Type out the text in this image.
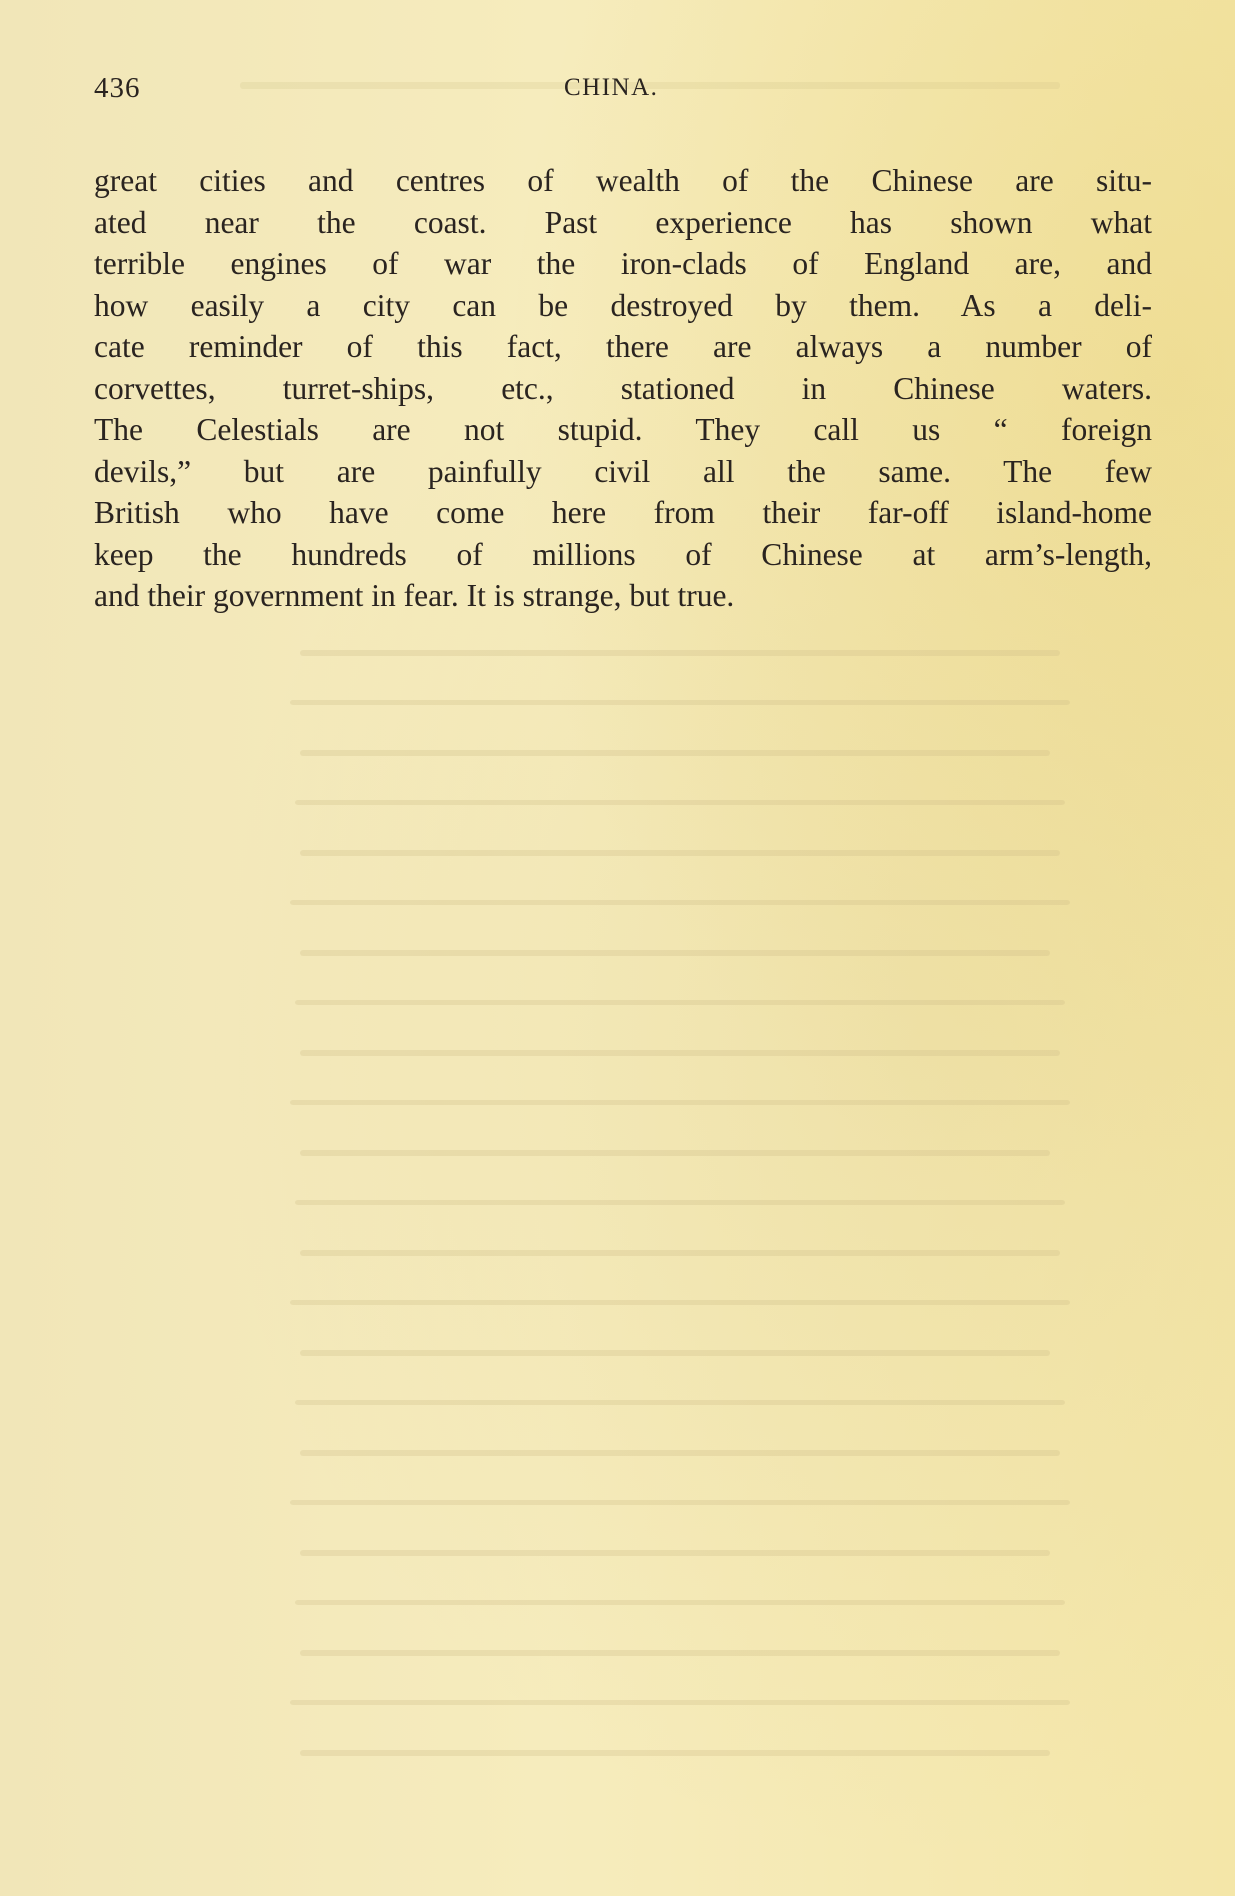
436	CHINA.

great cities and centres of wealth of the Chinese are situ-
ated near the coast. Past experience has shown what
terrible engines of war the iron-clads of England are, and
how easily a city can be destroyed by them. As a deli-
cate reminder of this fact, there are always a number of
corvettes, turret-ships, etc., stationed in Chinese waters.
The Celestials are not stupid. They call us “ foreign
devils,” but are painfully civil all the same. The few
British who have come here from their far-off island-home
keep the hundreds of millions of Chinese at arm’s-length,
and their government in fear. It is strange, but true.
